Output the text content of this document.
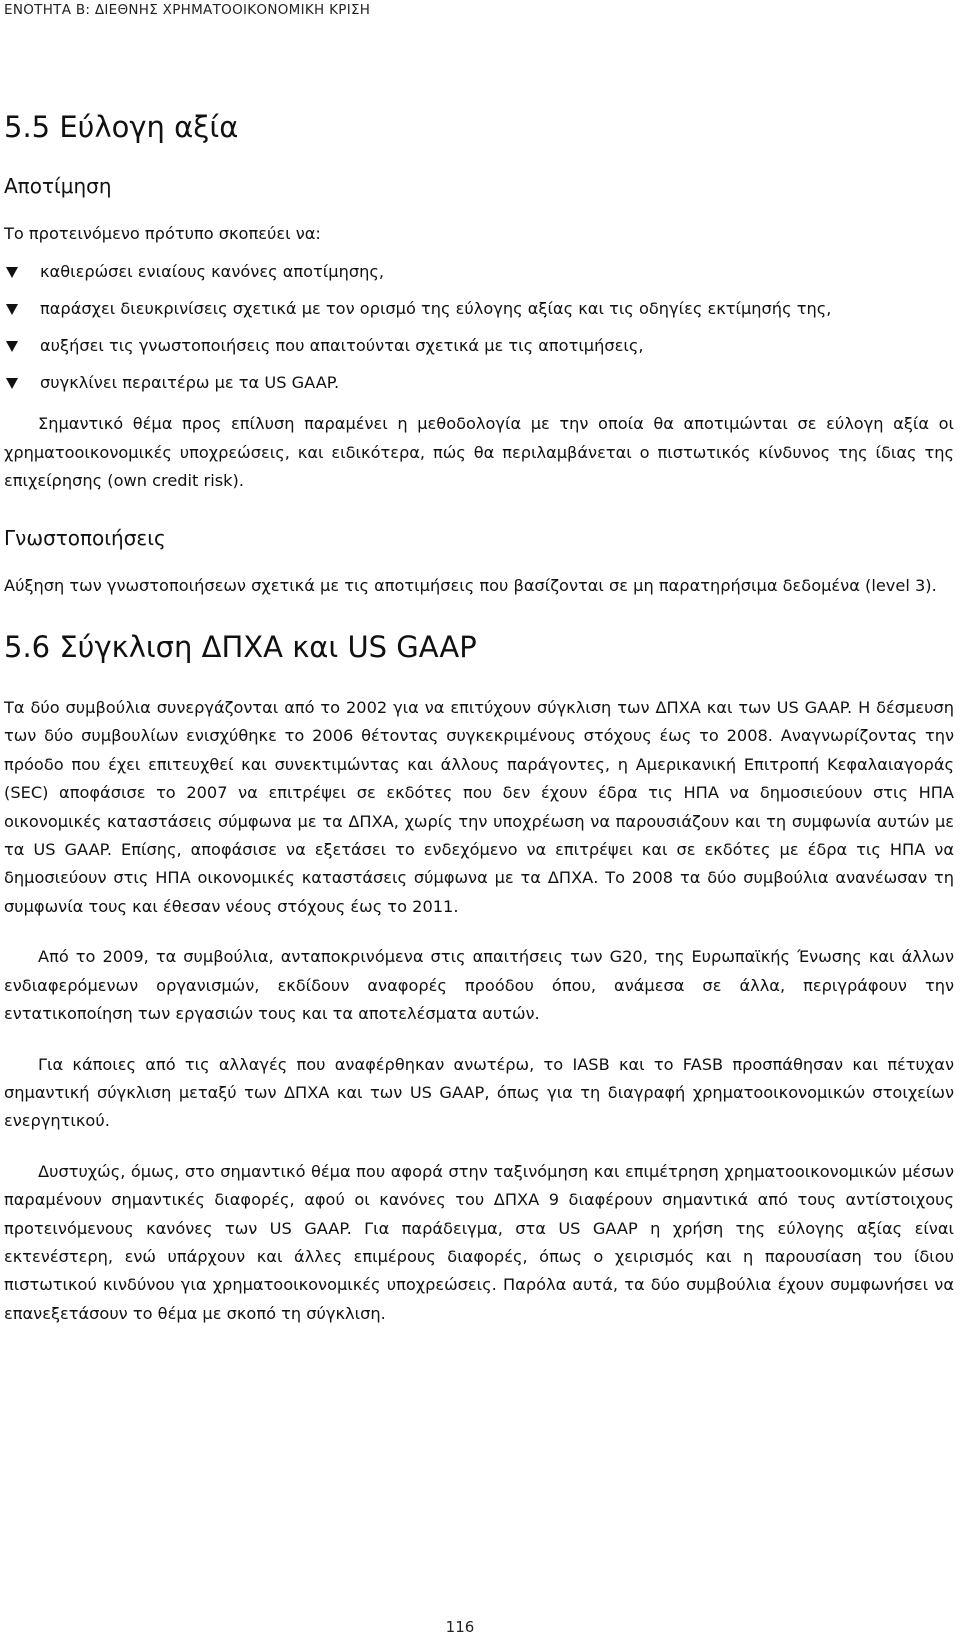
ΕΝΟΤΗΤΑ Β: ΔΙΕΘΝΗΣ ΧΡΗΜΑΤΟΟΙΚΟΝΟΜΙΚΗ ΚΡΙΣΗ
5.5 Εύλογη αξία
Αποτίμηση

Το προτεινόμενο πρότυπο σκοπεύει να:

καθιερώσει ενιαίους κανόνες αποτίμησης,
παράσχει διευκρινίσεις σχετικά με τον ορισμό της εύλογης αξίας και τις οδηγίες εκτίμησής της,
αυξήσει τις γνωστοποιήσεις που απαιτούνται σχετικά με τις αποτιμήσεις,
συγκλίνει περαιτέρω με τα US GAAP.

Σημαντικό θέμα προς επίλυση παραμένει η μεθοδολογία με την οποία θα αποτιμώνται σε εύλογη αξία οι χρηματοοικονομικές υποχρεώσεις, και ειδικότερα, πώς θα περιλαμβάνεται ο πιστωτικός κίνδυνος της ίδιας της επιχείρησης (own credit risk).

Γνωστοποιήσεις

Αύξηση των γνωστοποιήσεων σχετικά με τις αποτιμήσεις που βασίζονται σε μη παρατηρήσιμα δεδομένα (level 3).

5.6 Σύγκλιση ΔΠΧΑ και US GAAP

Τα δύο συμβούλια συνεργάζονται από το 2002 για να επιτύχουν σύγκλιση των ΔΠΧΑ και των US GAAP. Η δέσμευση των δύο συμβουλίων ενισχύθηκε το 2006 θέτοντας συγκεκριμένους στόχους έως το 2008. Αναγνωρίζοντας την πρόοδο που έχει επιτευχθεί και συνεκτιμώντας και άλλους παράγοντες, η Αμερικανική Επιτροπή Κεφαλαιαγοράς (SEC) αποφάσισε το 2007 να επιτρέψει σε εκδότες που δεν έχουν έδρα τις ΗΠΑ να δημοσιεύουν στις ΗΠΑ οικονομικές καταστάσεις σύμφωνα με τα ΔΠΧΑ, χωρίς την υποχρέωση να παρουσιάζουν και τη συμφωνία αυτών με τα US GAAP. Επίσης, αποφάσισε να εξετάσει το ενδεχόμενο να επιτρέψει και σε εκδότες με έδρα τις ΗΠΑ να δημοσιεύουν στις ΗΠΑ οικονομικές καταστάσεις σύμφωνα με τα ΔΠΧΑ. Το 2008 τα δύο συμβούλια ανανέωσαν τη συμφωνία τους και έθεσαν νέους στόχους έως το 2011.

Από το 2009, τα συμβούλια, ανταποκρινόμενα στις απαιτήσεις των G20, της Ευρωπαϊκής Ένωσης και άλλων ενδιαφερόμενων οργανισμών, εκδίδουν αναφορές προόδου όπου, ανάμεσα σε άλλα, περιγράφουν την εντατικοποίηση των εργασιών τους και τα αποτελέσματα αυτών.

Για κάποιες από τις αλλαγές που αναφέρθηκαν ανωτέρω, το IASB και το FASB προσπάθησαν και πέτυχαν σημαντική σύγκλιση μεταξύ των ΔΠΧΑ και των US GAAP, όπως για τη διαγραφή χρηματοοικονομικών στοιχείων ενεργητικού.

Δυστυχώς, όμως, στο σημαντικό θέμα που αφορά στην ταξινόμηση και επιμέτρηση χρηματοοικονομικών μέσων παραμένουν σημαντικές διαφορές, αφού οι κανόνες του ΔΠΧΑ 9 διαφέρουν σημαντικά από τους αντίστοιχους προτεινόμενους κανόνες των US GAAP. Για παράδειγμα, στα US GAAP η χρήση της εύλογης αξίας είναι εκτενέστερη, ενώ υπάρχουν και άλλες επιμέρους διαφορές, όπως ο χειρισμός και η παρουσίαση του ίδιου πιστωτικού κινδύνου για χρηματοοικονομικές υποχρεώσεις. Παρόλα αυτά, τα δύο συμβούλια έχουν συμφωνήσει να επανεξετάσουν το θέμα με σκοπό τη σύγκλιση.

116
